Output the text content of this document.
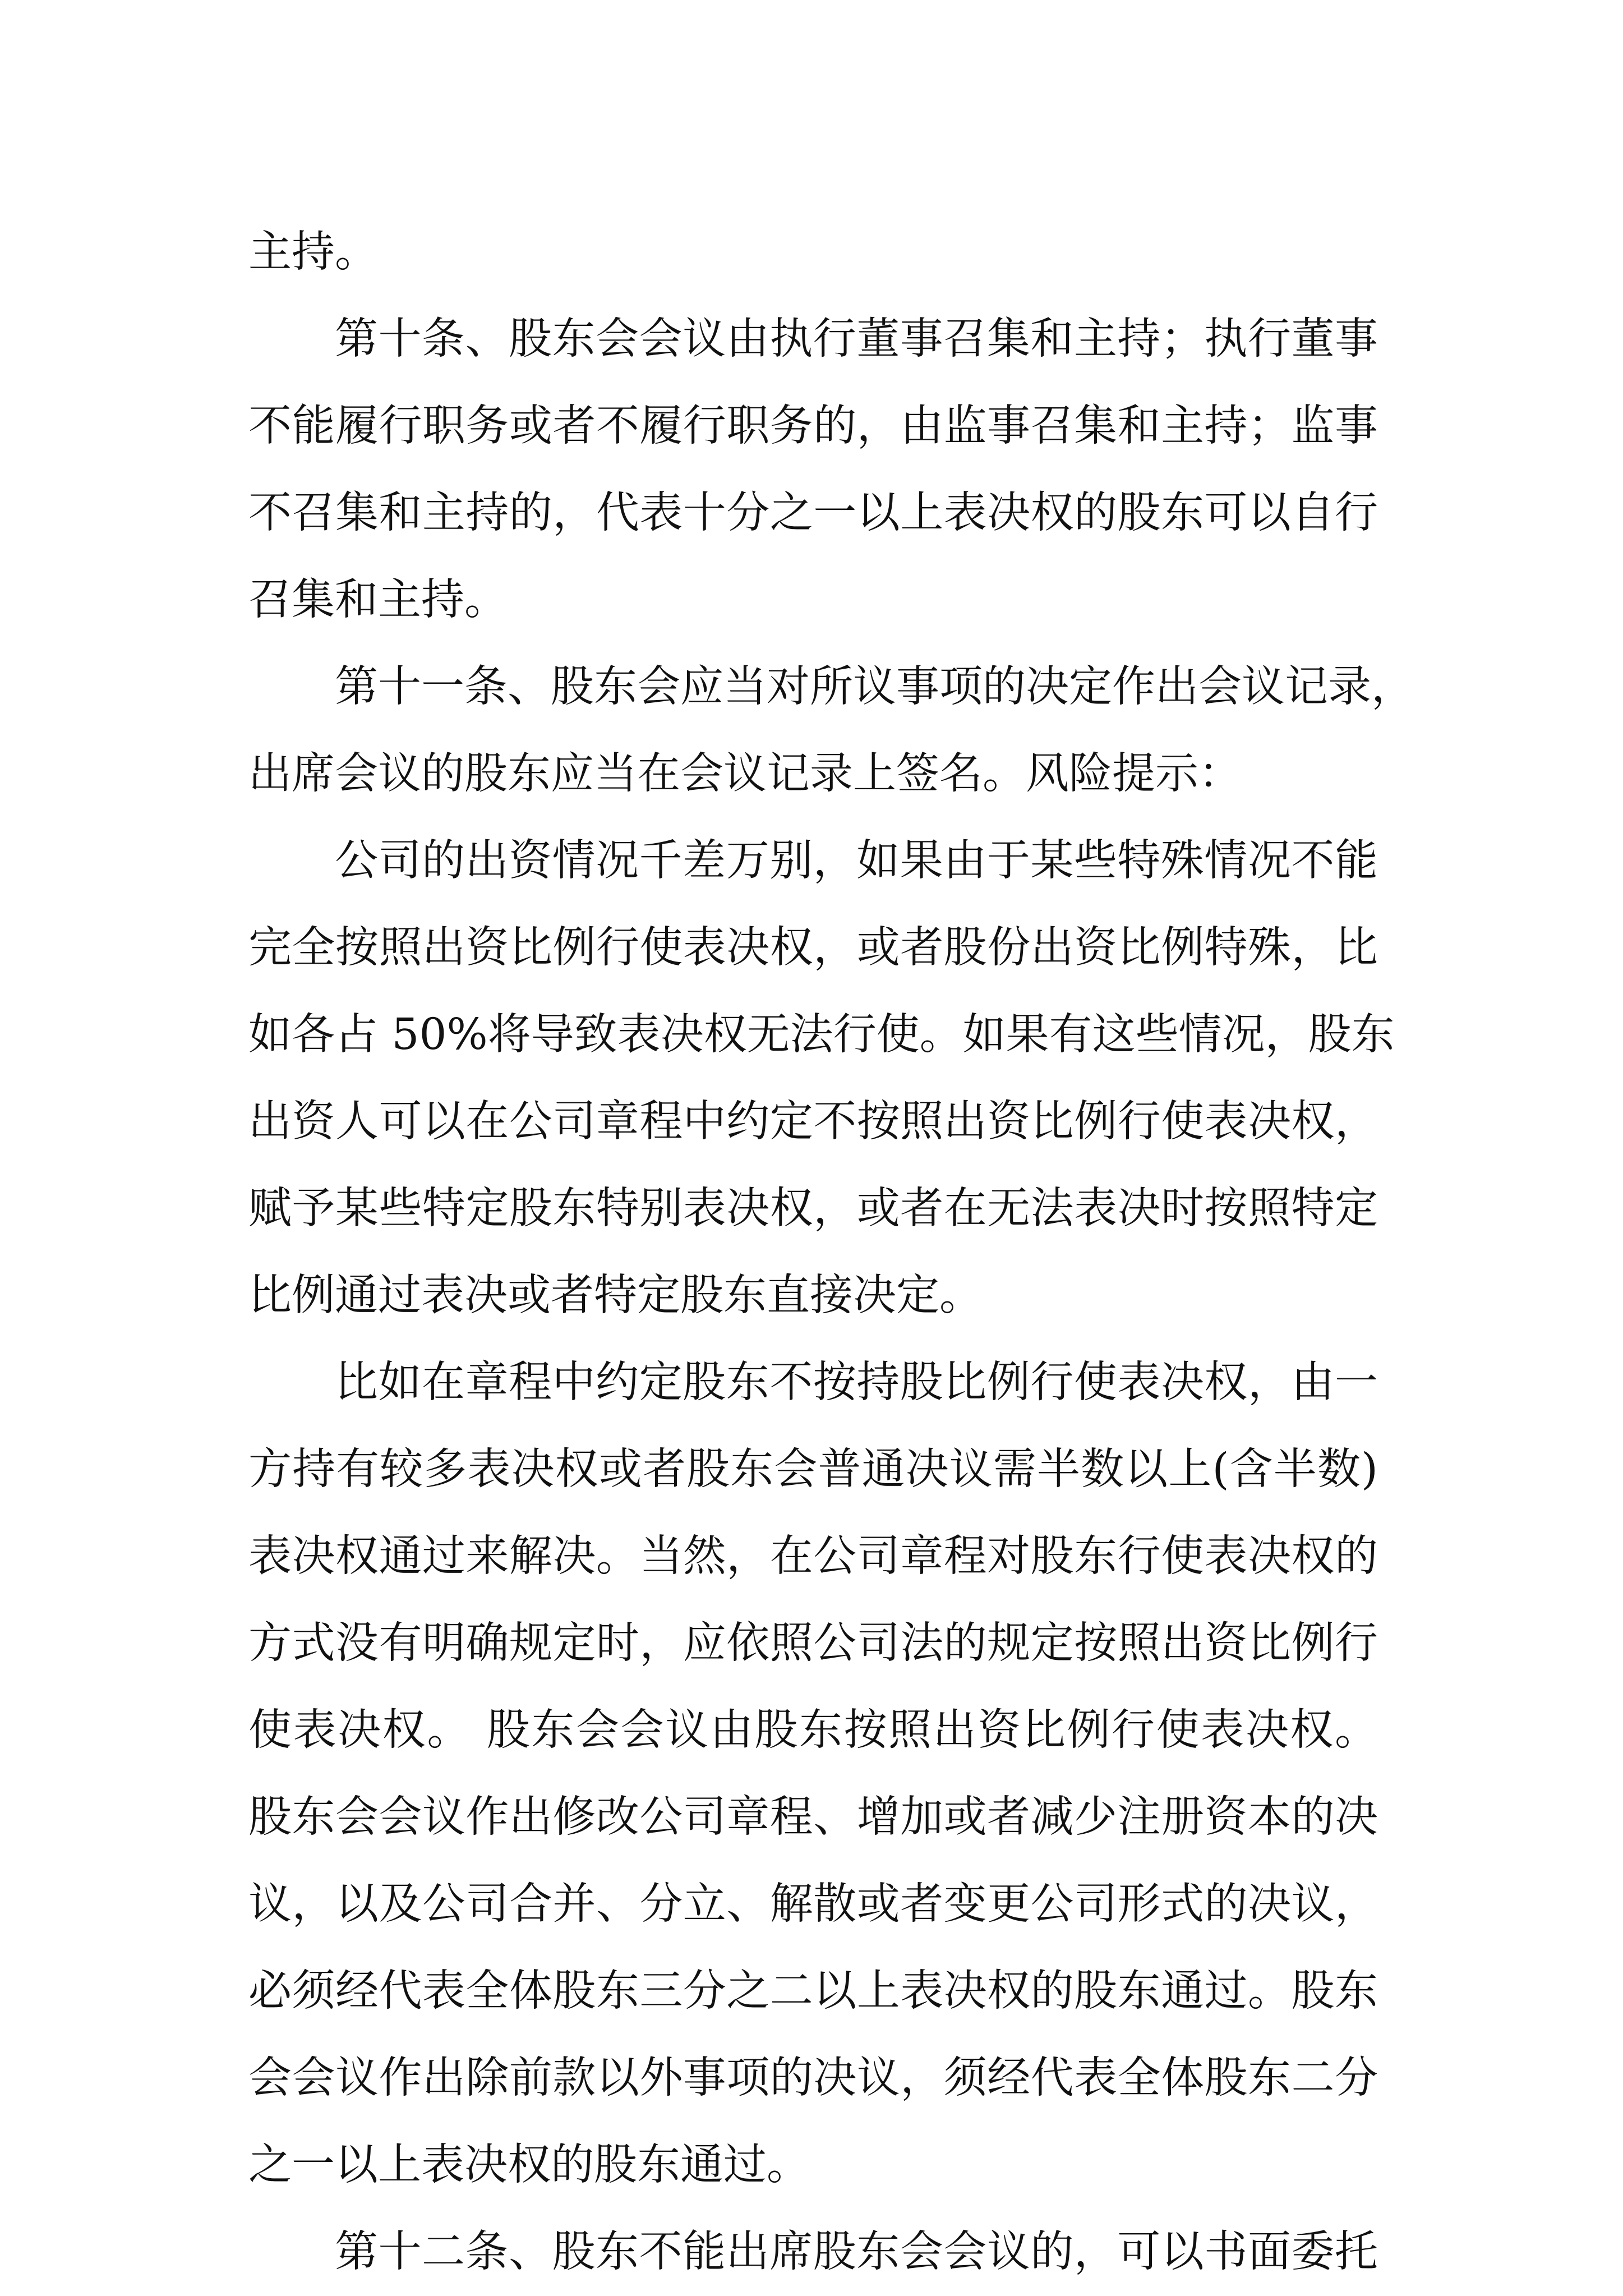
主持。
第十条、股东会会议由执行董事召集和主持；执行董事
不能履行职务或者不履行职务的，由监事召集和主持；监事
不召集和主持的，代表十分之一以上表决权的股东可以自行
召集和主持。
第十一条、股东会应当对所议事项的决定作出会议记录，
出席会议的股东应当在会议记录上签名。风险提示：
公司的出资情况千差万别，如果由于某些特殊情况不能
完全按照出资比例行使表决权，或者股份出资比例特殊，比
如各占 50%将导致表决权无法行使。如果有这些情况，股东
出资人可以在公司章程中约定不按照出资比例行使表决权，
赋予某些特定股东特别表决权，或者在无法表决时按照特定
比例通过表决或者特定股东直接决定。
比如在章程中约定股东不按持股比例行使表决权，由一
方持有较多表决权或者股东会普通决议需半数以上(含半数)
表决权通过来解决。当然，在公司章程对股东行使表决权的
方式没有明确规定时，应依照公司法的规定按照出资比例行
使表决权。 股东会会议由股东按照出资比例行使表决权。
股东会会议作出修改公司章程、增加或者减少注册资本的决
议，以及公司合并、分立、解散或者变更公司形式的决议，
必须经代表全体股东三分之二以上表决权的股东通过。股东
会会议作出除前款以外事项的决议，须经代表全体股东二分
之一以上表决权的股东通过。
第十二条、股东不能出席股东会会议的，可以书面委托
